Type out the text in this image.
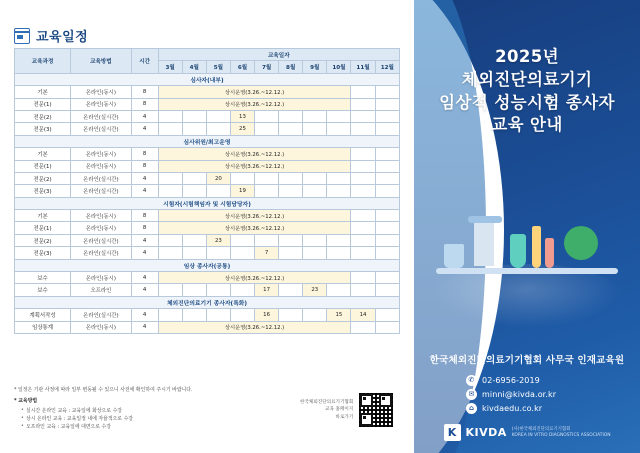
교육일정
교육과정	교육방법	시간	교육일자									
			3월	4월	5월	6월	7월	8월	9월	10월	11월	12월
심사자(내부)												
기본	온라인(동시)	8	상시운영(3.26.~12.12.)									
전문(1)	온라인(동시)	8	상시운영(3.26.~12.12.)									
전문(2)	온라인(실시간)	4				13						
전문(3)	온라인(실시간)	4				25						
심사위원/최고운영												
기본	온라인(동시)	8	상시운영(3.26.~12.12.)									
전문(1)	온라인(동시)	8	상시운영(3.26.~12.12.)									
전문(2)	온라인(실시간)	4			20							
전문(3)	온라인(실시간)	4				19						
시험자(시험책임자 및 시험담당자)												
기본	온라인(동시)	8	상시운영(3.26.~12.12.)									
전문(1)	온라인(동시)	8	상시운영(3.26.~12.12.)									
전문(2)	온라인(실시간)	4			23							
전문(3)	온라인(실시간)	4					7					
임상 종사자(공통)												
보수	온라인(동시)	4	상시운영(3.26.~12.12.)									
보수	오프라인	4					17		23			
체외진단의료기기 종사자(특화)												
계획서작성	온라인(실시간)	4					16			15	14	
임상통계	온라인(동시)	4	상시운영(3.26.~12.12.)									
* 일정은 기관 사정에 따라 일부 변동될 수 있으니 사전에 확인하여 주시기 바랍니다.
* 교육방법
• 실시간 온라인 교육 : 교육일에 화상으로 수강
• 상시 온라인 교육 : 교육일정 내에 자율적으로 수강
• 오프라인 교육 : 교육일에 대면으로 수강
한국체외진단의료기기협회
교육 홈페이지
바로가기
2025년
체외진단의료기기
임상적 성능시험 종사자
교육 안내
한국체외진단의료기기협회 사무국 인재교육원
✆ 02-6956-2019
✉ minni@kivda.or.kr
⌂ kivdaedu.co.kr
K KIVDA (사)한국체외진단의료기기협회
KOREA IN VITRO DIAGNOSTICS ASSOCIATION
